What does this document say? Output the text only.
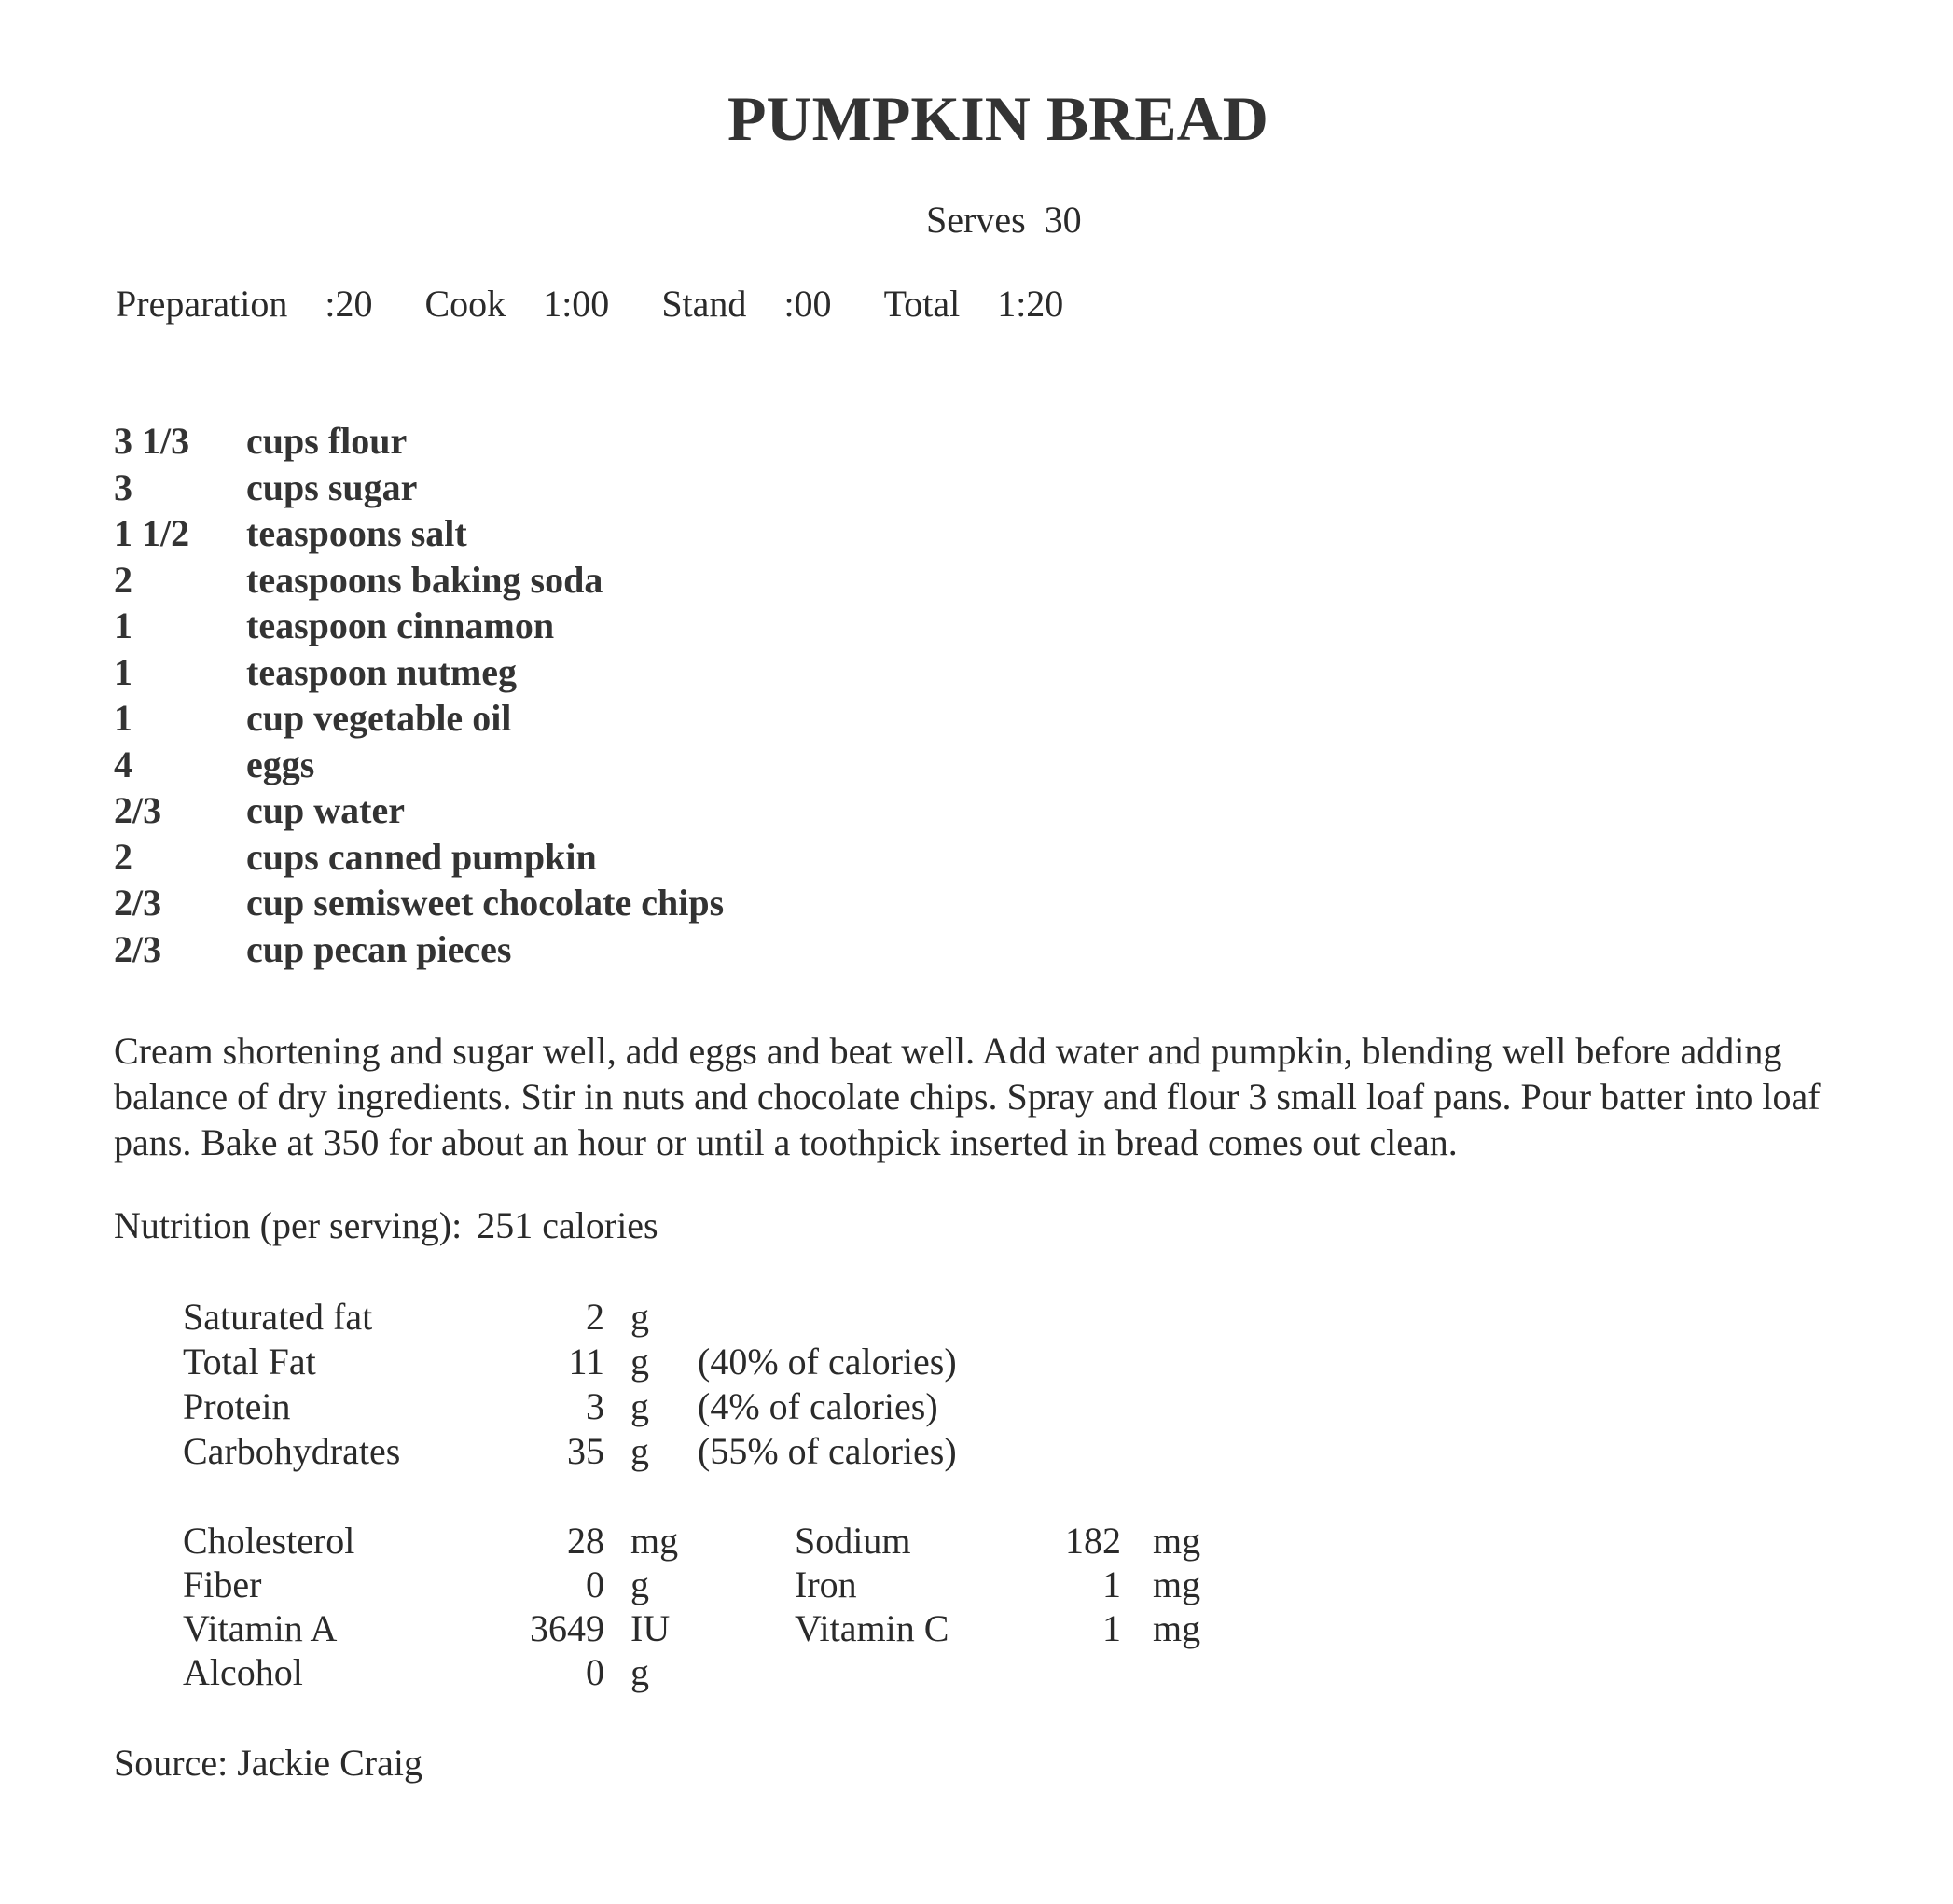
PUMPKIN BREAD
Serves 30
Preparation :20 Cook 1:00 Stand :00 Total 1:20
3 1/3 cups flour
3	cups sugar
1 1/2 teaspoons salt
2	teaspoons baking soda
1	teaspoon cinnamon
1	teaspoon nutmeg
1	cup vegetable oil
4	eggs
2/3 cup water
2	cups canned pumpkin
2/3 cup semisweet chocolate chips
2/3 cup pecan pieces
Cream shortening and sugar well, add eggs and beat well. Add water and pumpkin, blending well before adding balance of dry ingredients. Stir in nuts and chocolate chips. Spray and flour 3 small loaf pans. Pour batter into loaf pans. Bake at 350 for about an hour or until a toothpick inserted in bread comes out clean.
Nutrition (per serving): 251 calories
Saturated fat	2	g	
Total Fat	11	g	(40% of calories)
Protein	3	g	(4% of calories)
Carbohydrates	35	g	(55% of calories)
Cholesterol	28	mg		Sodium	182	mg
Fiber	0	g		Iron	1	mg
Vitamin A	3649	IU		Vitamin C	1	mg
Alcohol	0	g				
Source: Jackie Craig
